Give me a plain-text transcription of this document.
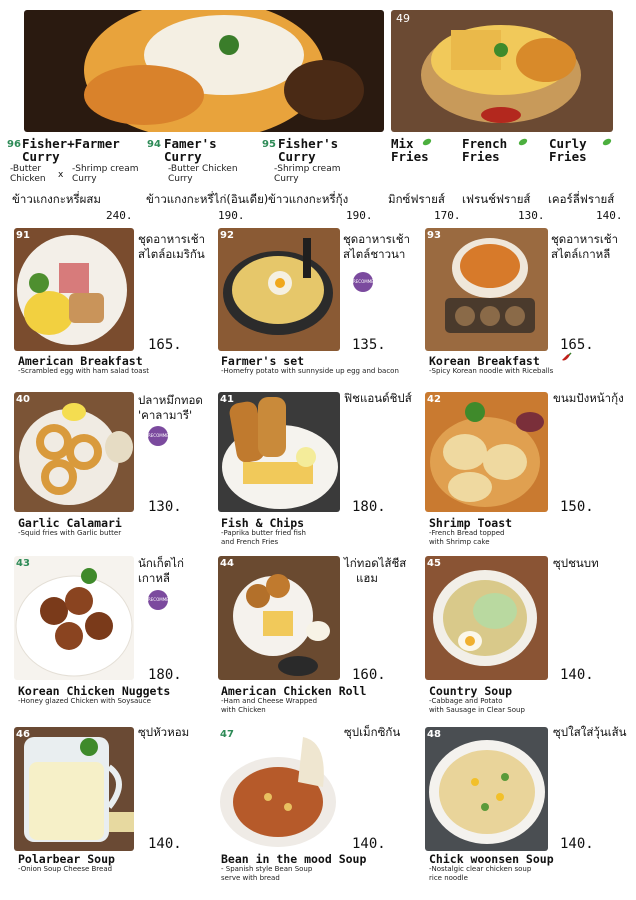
49
96 Fisher+Farmer
Curry
-Butter Chicken	x
-Shrimp cream Curry
ข้าวแกงกะหรี่ผสม
240.
94 Famer's
Curry
-Butter Chicken Curry
ข้าวแกงกะหรี่ไก่(อินเดีย)
190.
95 Fisher's
Curry
-Shrimp cream Curry
ข้าวแกงกะหรี่กุ้ง
190.
Mix
Fries
มิกซ์ฟรายส์
170.
French
Fries
เฟรนช์ฟรายส์
130.
Curly
Fries
เคอร์ลี่ฟรายส์
140.
91	ชุดอาหารเช้า
สไตล์อเมริกัน
165.
American Breakfast
-Scrambled egg with ham salad toast
92	ชุดอาหารเช้า
สไตล์ชาวนา
RECOMMENDED
135.
Farmer's set
-Homefry potato with sunnyside up egg and bacon
93	ชุดอาหารเช้า
สไตล์เกาหลี
165.
Korean Breakfast
-Spicy Korean noodle with Riceballs
40	ปลาหมึกทอด
'คาลามารี'
RECOMMENDED
130.
Garlic Calamari
-Squid fries with Garlic butter
41	ฟิชแอนด์ชิปส์
180.
Fish & Chips
-Paprika butter fried fish
and French Fries
42	ขนมปังหน้ากุ้ง
150.
Shrimp Toast
-French Bread topped
with Shrimp cake
43	นักเก็ตไก่
เกาหลี
RECOMMENDED
180.
Korean Chicken Nuggets
-Honey glazed Chicken with Soysauce
44	ไก่ทอดไส้ชีส
แฮม
160.
American Chicken Roll
-Ham and Cheese Wrapped
with Chicken
45	ซุปชนบท
140.
Country Soup
-Cabbage and Potato
with Sausage in Clear Soup
46	ซุปหัวหอม
140.
Polarbear Soup
-Onion Soup Cheese Bread
47	ซุปเม็กซิกัน
140.
Bean in the mood Soup
- Spanish style Bean Soup
serve with bread
48	ซุปใสใส่วุ้นเส้น
140.
Chick woonsen Soup
-Nostalgic clear chicken soup
rice noodle
